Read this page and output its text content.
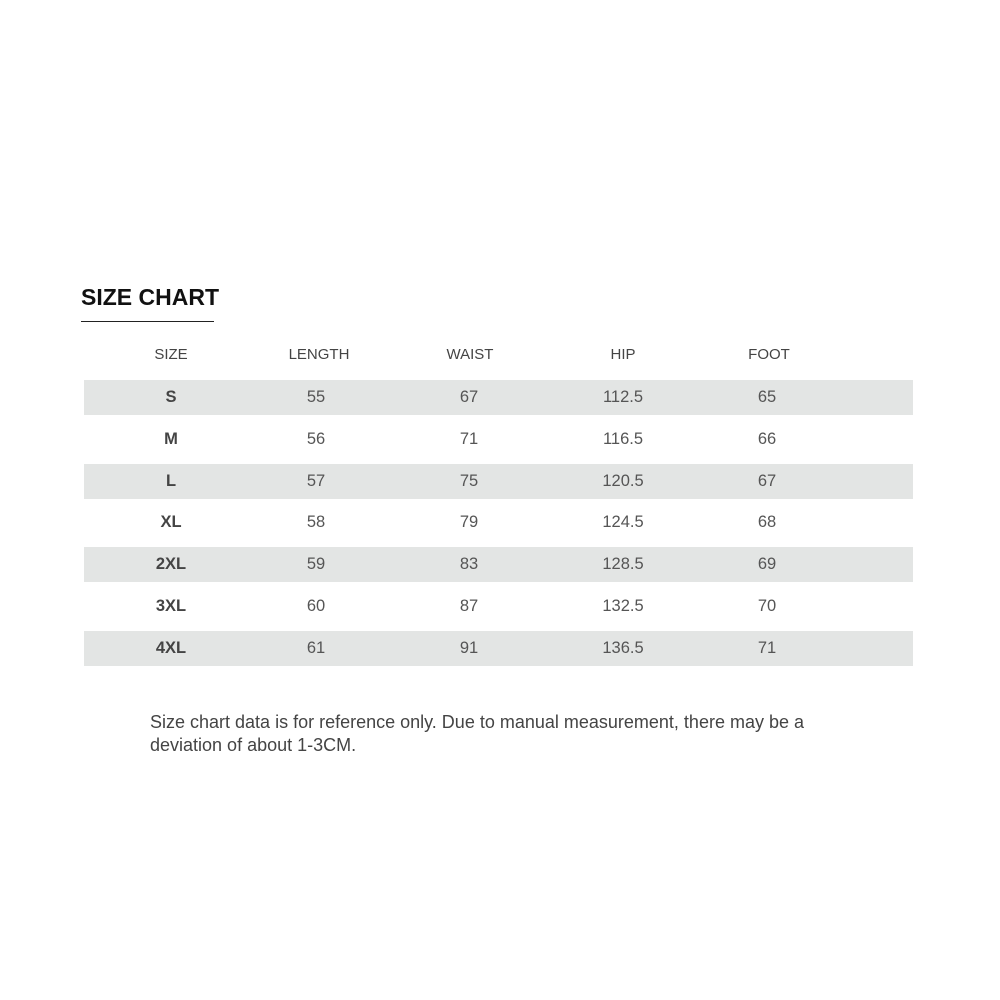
SIZE CHART
SIZE	LENGTH	WAIST	HIP	FOOT
S	55	67	112.5	65
M	56	71	116.5	66
L	57	75	120.5	67
XL	58	79	124.5	68
2XL	59	83	128.5	69
3XL	60	87	132.5	70
4XL	61	91	136.5	71

Size chart data is for reference only. Due to manual measurement, there may be a deviation of about 1-3CM.
